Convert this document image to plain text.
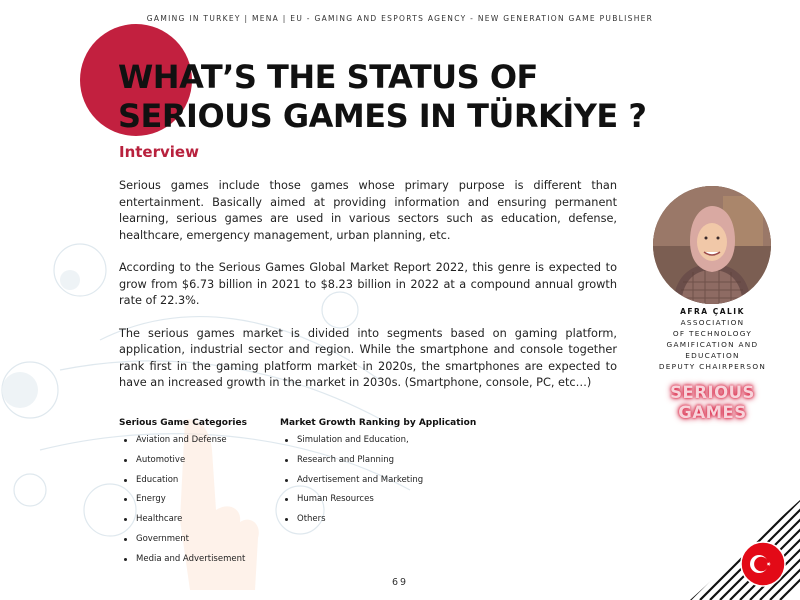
GAMING IN TURKEY | MENA | EU - GAMING AND ESPORTS AGENCY - NEW GENERATION GAME PUBLISHER
WHAT’S THE STATUS OF
SERIOUS GAMES IN TÜRKİYE ?
Interview

Serious games include those games whose primary purpose is different than entertainment. Basically aimed at providing information and ensuring permanent learning, serious games are used in various sectors such as education, defense, healthcare, emergency management, urban planning, etc.

According to the Serious Games Global Market Report 2022, this genre is expected to grow from $6.73 billion in 2021 to $8.23 billion in 2022 at a compound annual growth rate of 22.3%.

The serious games market is divided into segments based on gaming platform, application, industrial sector and region. While the smartphone and console together rank first in the gaming platform market in 2020s, the smartphones are expected to have an increased growth in the market in 2030s. (Smartphone, console, PC, etc…)

Serious Game Categories
Aviation and Defense
Automotive
Education
Energy
Healthcare
Government
Media and Advertisement
Market Growth Ranking by Application
Simulation and Education,
Research and Planning
Advertisement and Marketing
Human Resources
Others
AFRA ÇALIK
ASSOCIATION
OF TECHNOLOGY
GAMIFICATION AND
EDUCATION
DEPUTY CHAIRPERSON
SERIOUS
GAMES
69
